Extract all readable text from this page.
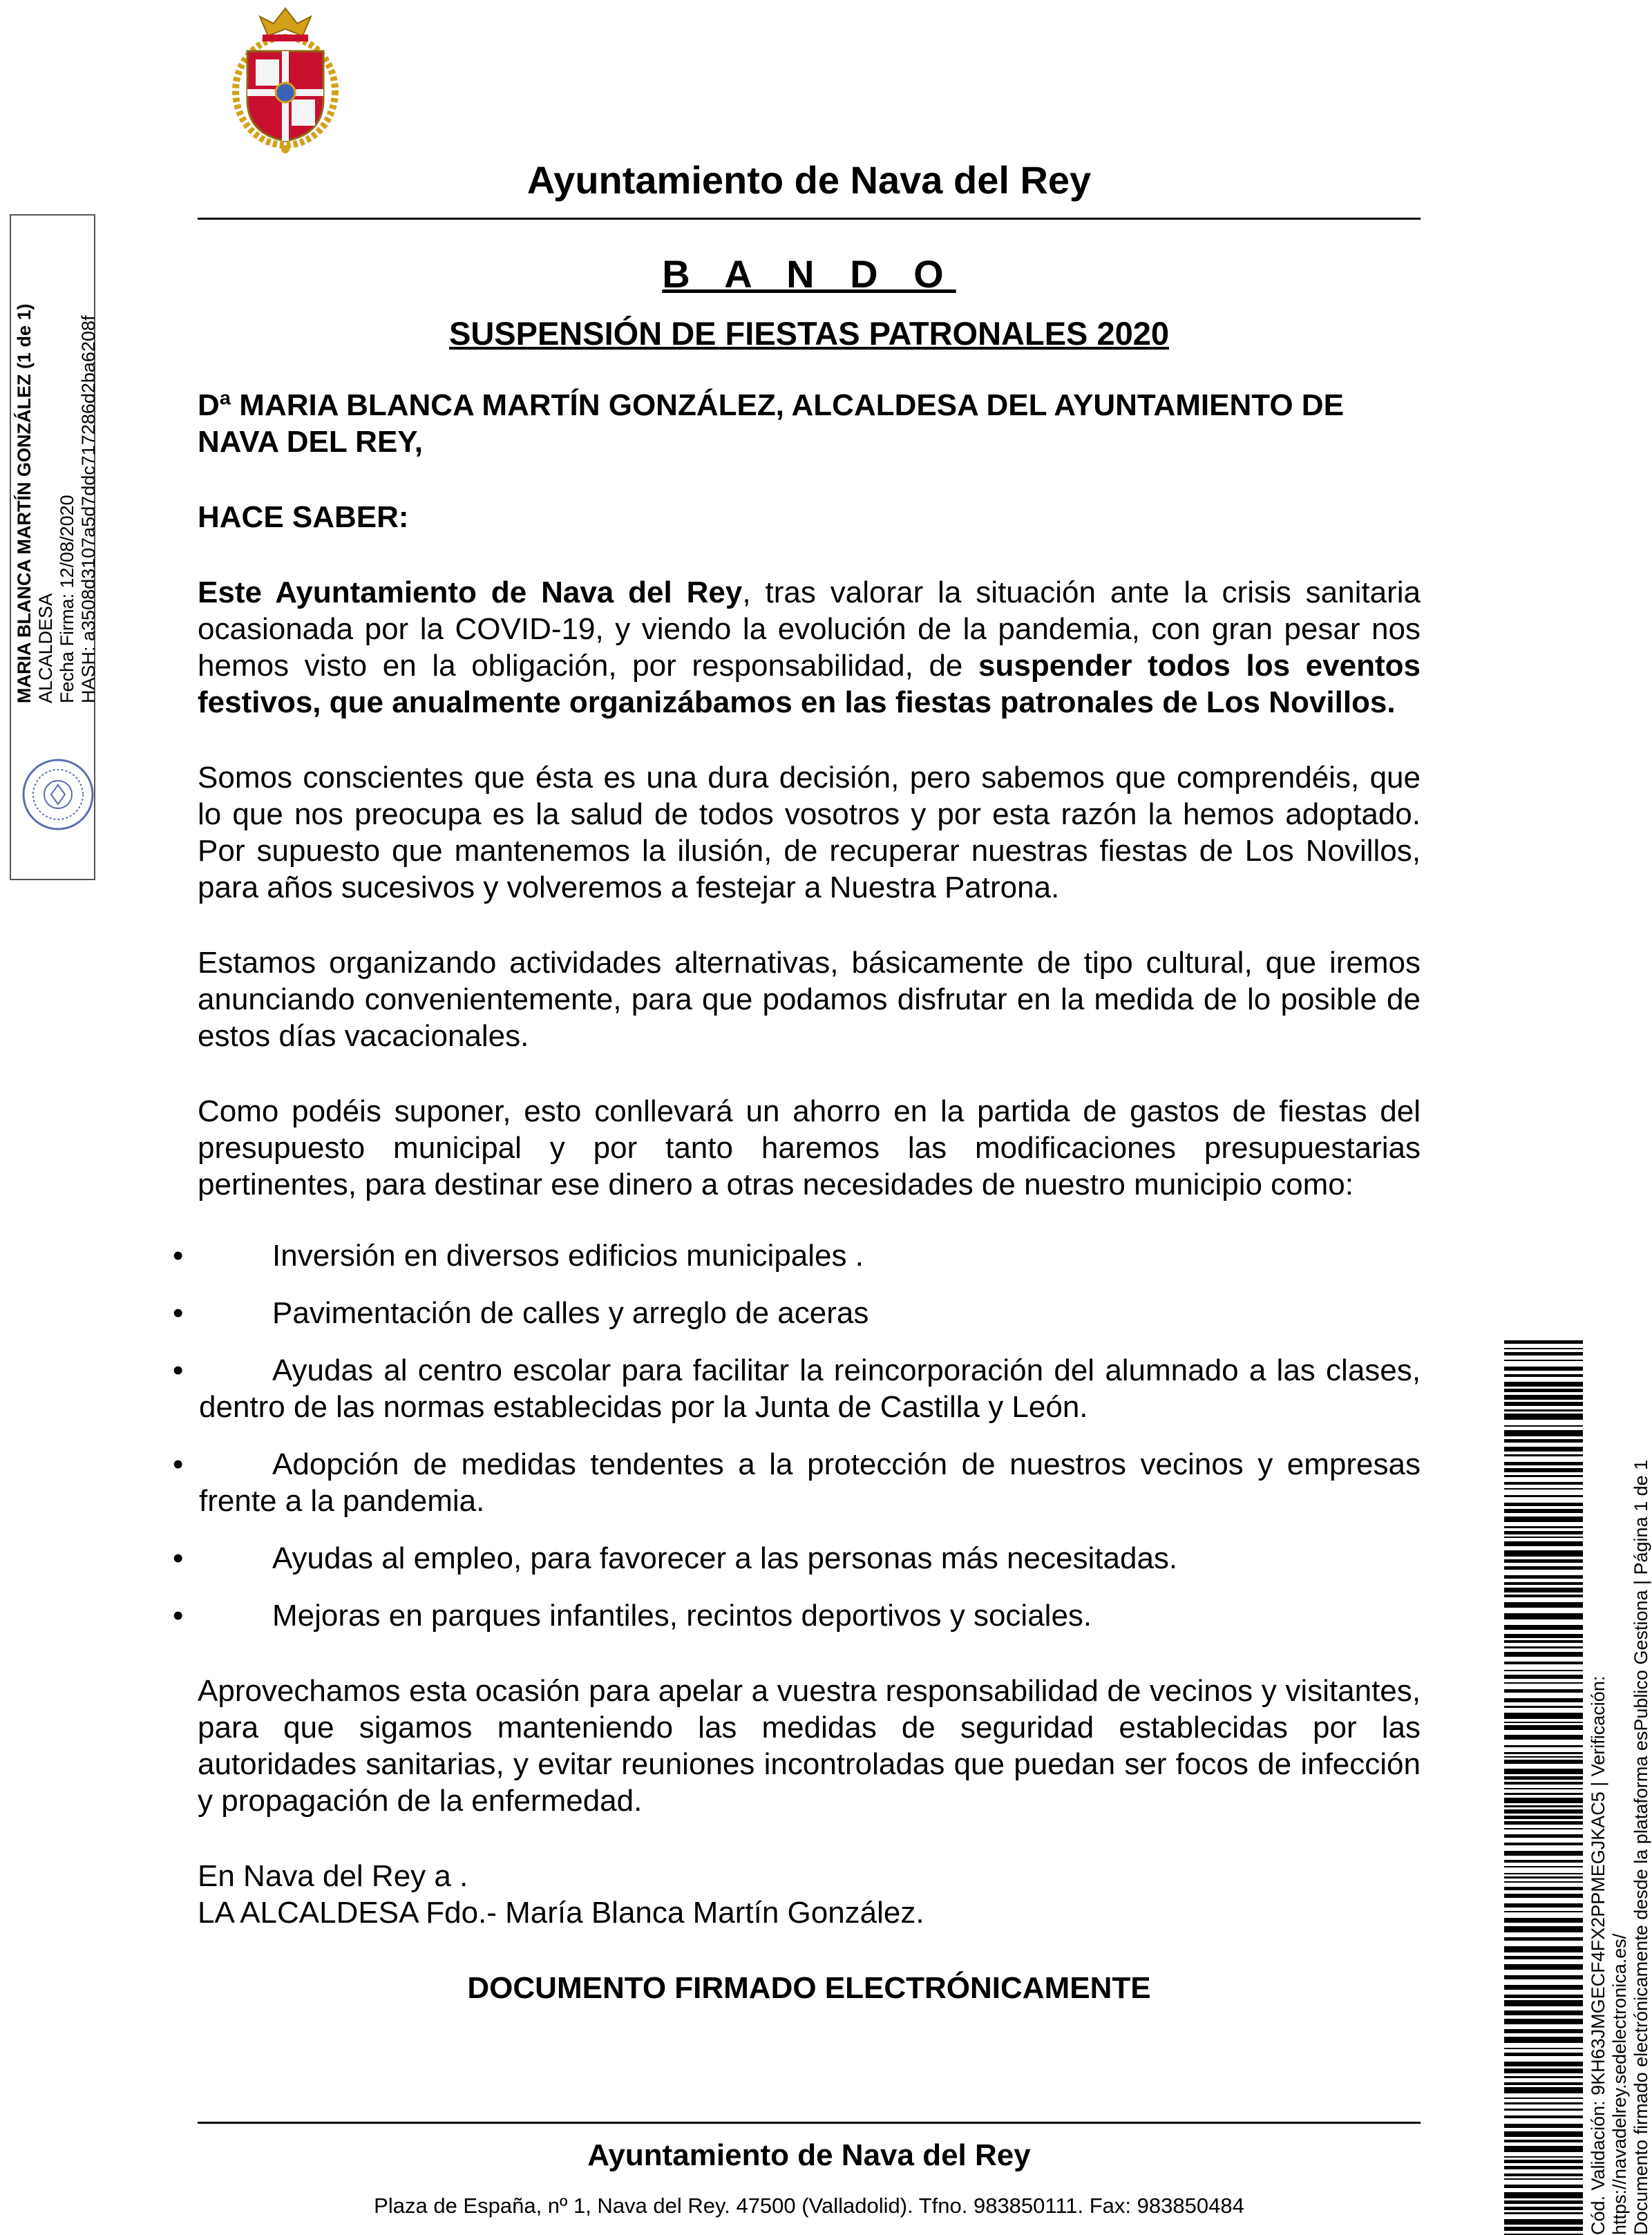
Ayuntamiento de Nava del Rey
B A N D O
SUSPENSIÓN DE FIESTAS PATRONALES 2020

Dª MARIA BLANCA MARTÍN GONZÁLEZ, ALCALDESA DEL AYUNTAMIENTO DE NAVA DEL REY,

HACE SABER:

Este Ayuntamiento de Nava del Rey, tras valorar la situación ante la crisis sanitaria ocasionada por la COVID-19, y viendo la evolución de la pandemia, con gran pesar nos hemos visto en la obligación, por responsabilidad, de suspender todos los eventos festivos, que anualmente organizábamos en las fiestas patronales de Los Novillos.

Somos conscientes que ésta es una dura decisión, pero sabemos que comprendéis, que lo que nos preocupa es la salud de todos vosotros y por esta razón la hemos adoptado. Por supuesto que mantenemos la ilusión, de recuperar nuestras fiestas de Los Novillos, para años sucesivos y volveremos a festejar a Nuestra Patrona.

Estamos organizando actividades alternativas, básicamente de tipo cultural, que iremos anunciando convenientemente, para que podamos disfrutar en la medida de lo posible de estos días vacacionales.

Como podéis suponer, esto conllevará un ahorro en la partida de gastos de fiestas del presupuesto municipal y por tanto haremos las modificaciones presupuestarias pertinentes, para destinar ese dinero a otras necesidades de nuestro municipio como:

•	Inversión en diversos edificios municipales .
•	Pavimentación de calles y arreglo de aceras
•	Ayudas al centro escolar para facilitar la reincorporación del alumnado a las clases, dentro de las normas establecidas por la Junta de Castilla y León.
•	Adopción de medidas tendentes a la protección de nuestros vecinos y empresas frente a la pandemia.
•	Ayudas al empleo, para favorecer a las personas más necesitadas.
•	Mejoras en parques infantiles, recintos deportivos y sociales.

Aprovechamos esta ocasión para apelar a vuestra responsabilidad de vecinos y visitantes, para que sigamos manteniendo las medidas de seguridad establecidas por las autoridades sanitarias, y evitar reuniones incontroladas que puedan ser focos de infección y propagación de la enfermedad.

En Nava del Rey a .
LA ALCALDESA Fdo.- María Blanca Martín González.
DOCUMENTO FIRMADO ELECTRÓNICAMENTE
Ayuntamiento de Nava del Rey
Plaza de España, nº 1, Nava del Rey. 47500 (Valladolid). Tfno. 983850111. Fax: 983850484
MARIA BLANCA MARTÍN GONZÁLEZ (1 de 1) ALCALDESA Fecha Firma: 12/08/2020 HASH: a3508d3107a5d7ddc717286d2ba6208f
Cód. Validación: 9KH63JMGECF4FX2PPMEGJKAC5 | Verificación: https://navadelrey.sedelectronica.es/ Documento firmado electrónicamente desde la plataforma esPublico Gestiona | Página 1 de 1
